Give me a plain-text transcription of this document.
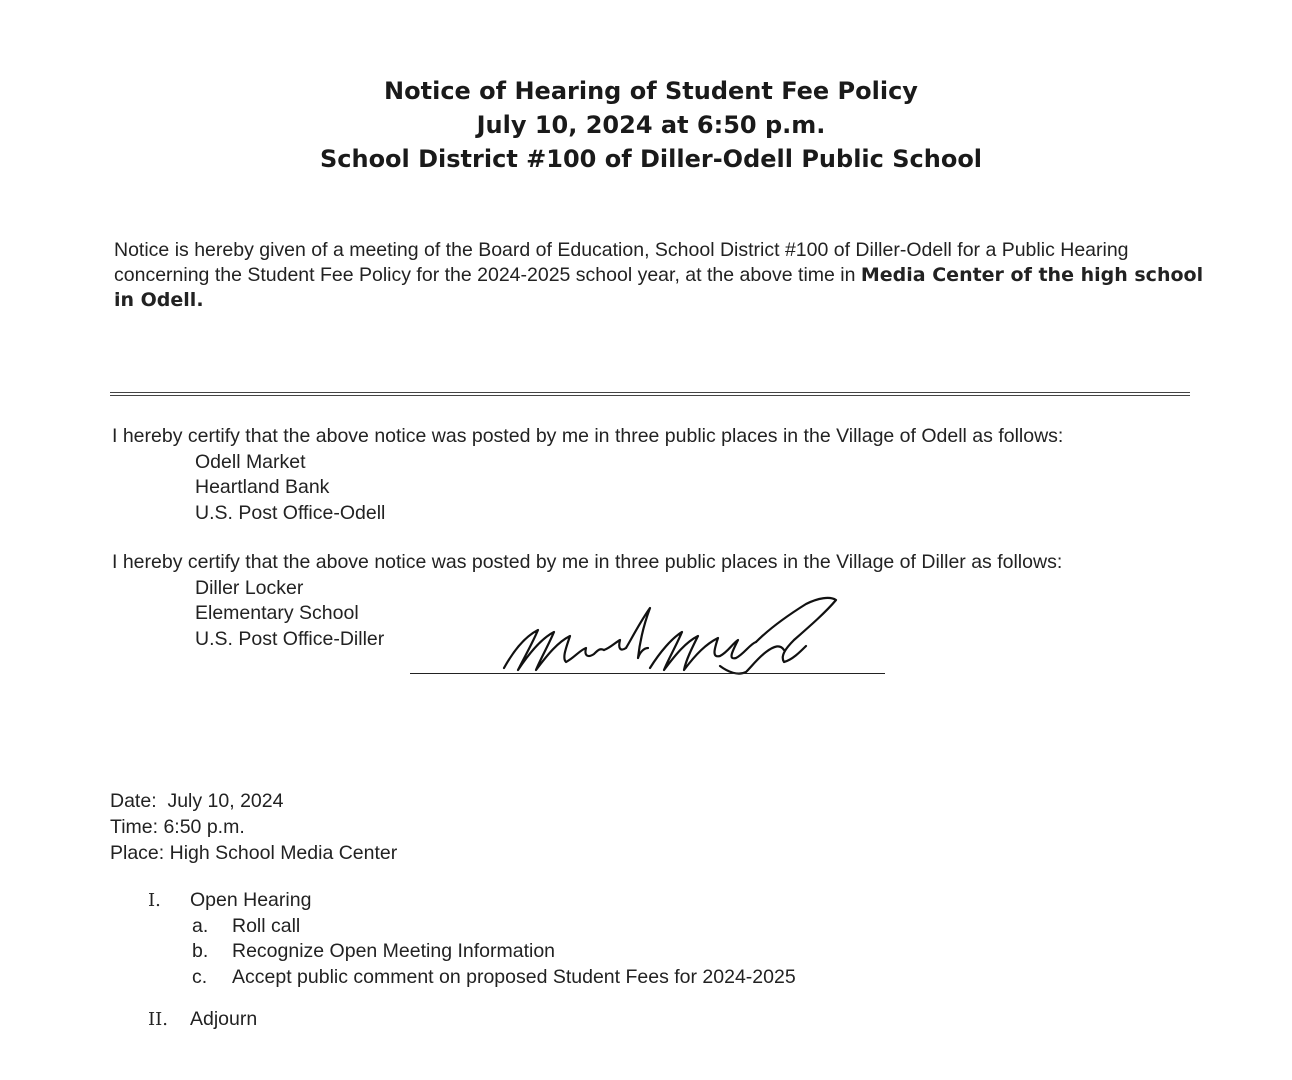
Notice of Hearing of Student Fee Policy
July 10, 2024 at 6:50 p.m.
School District #100 of Diller-Odell Public School
Notice is hereby given of a meeting of the Board of Education, School District #100 of Diller-Odell for a Public Hearing concerning the Student Fee Policy for the 2024-2025 school year, at the above time in Media Center of the high school in Odell.
I hereby certify that the above notice was posted by me in three public places in the Village of Odell as follows:
Odell Market
Heartland Bank
U.S. Post Office-Odell
I hereby certify that the above notice was posted by me in three public places in the Village of Diller as follows:
Diller Locker
Elementary School
U.S. Post Office-Diller
Date: July 10, 2024
Time: 6:50 p.m.
Place: High School Media Center
I. Open Hearing
a. Roll call
b. Recognize Open Meeting Information
c. Accept public comment on proposed Student Fees for 2024-2025
II. Adjourn
